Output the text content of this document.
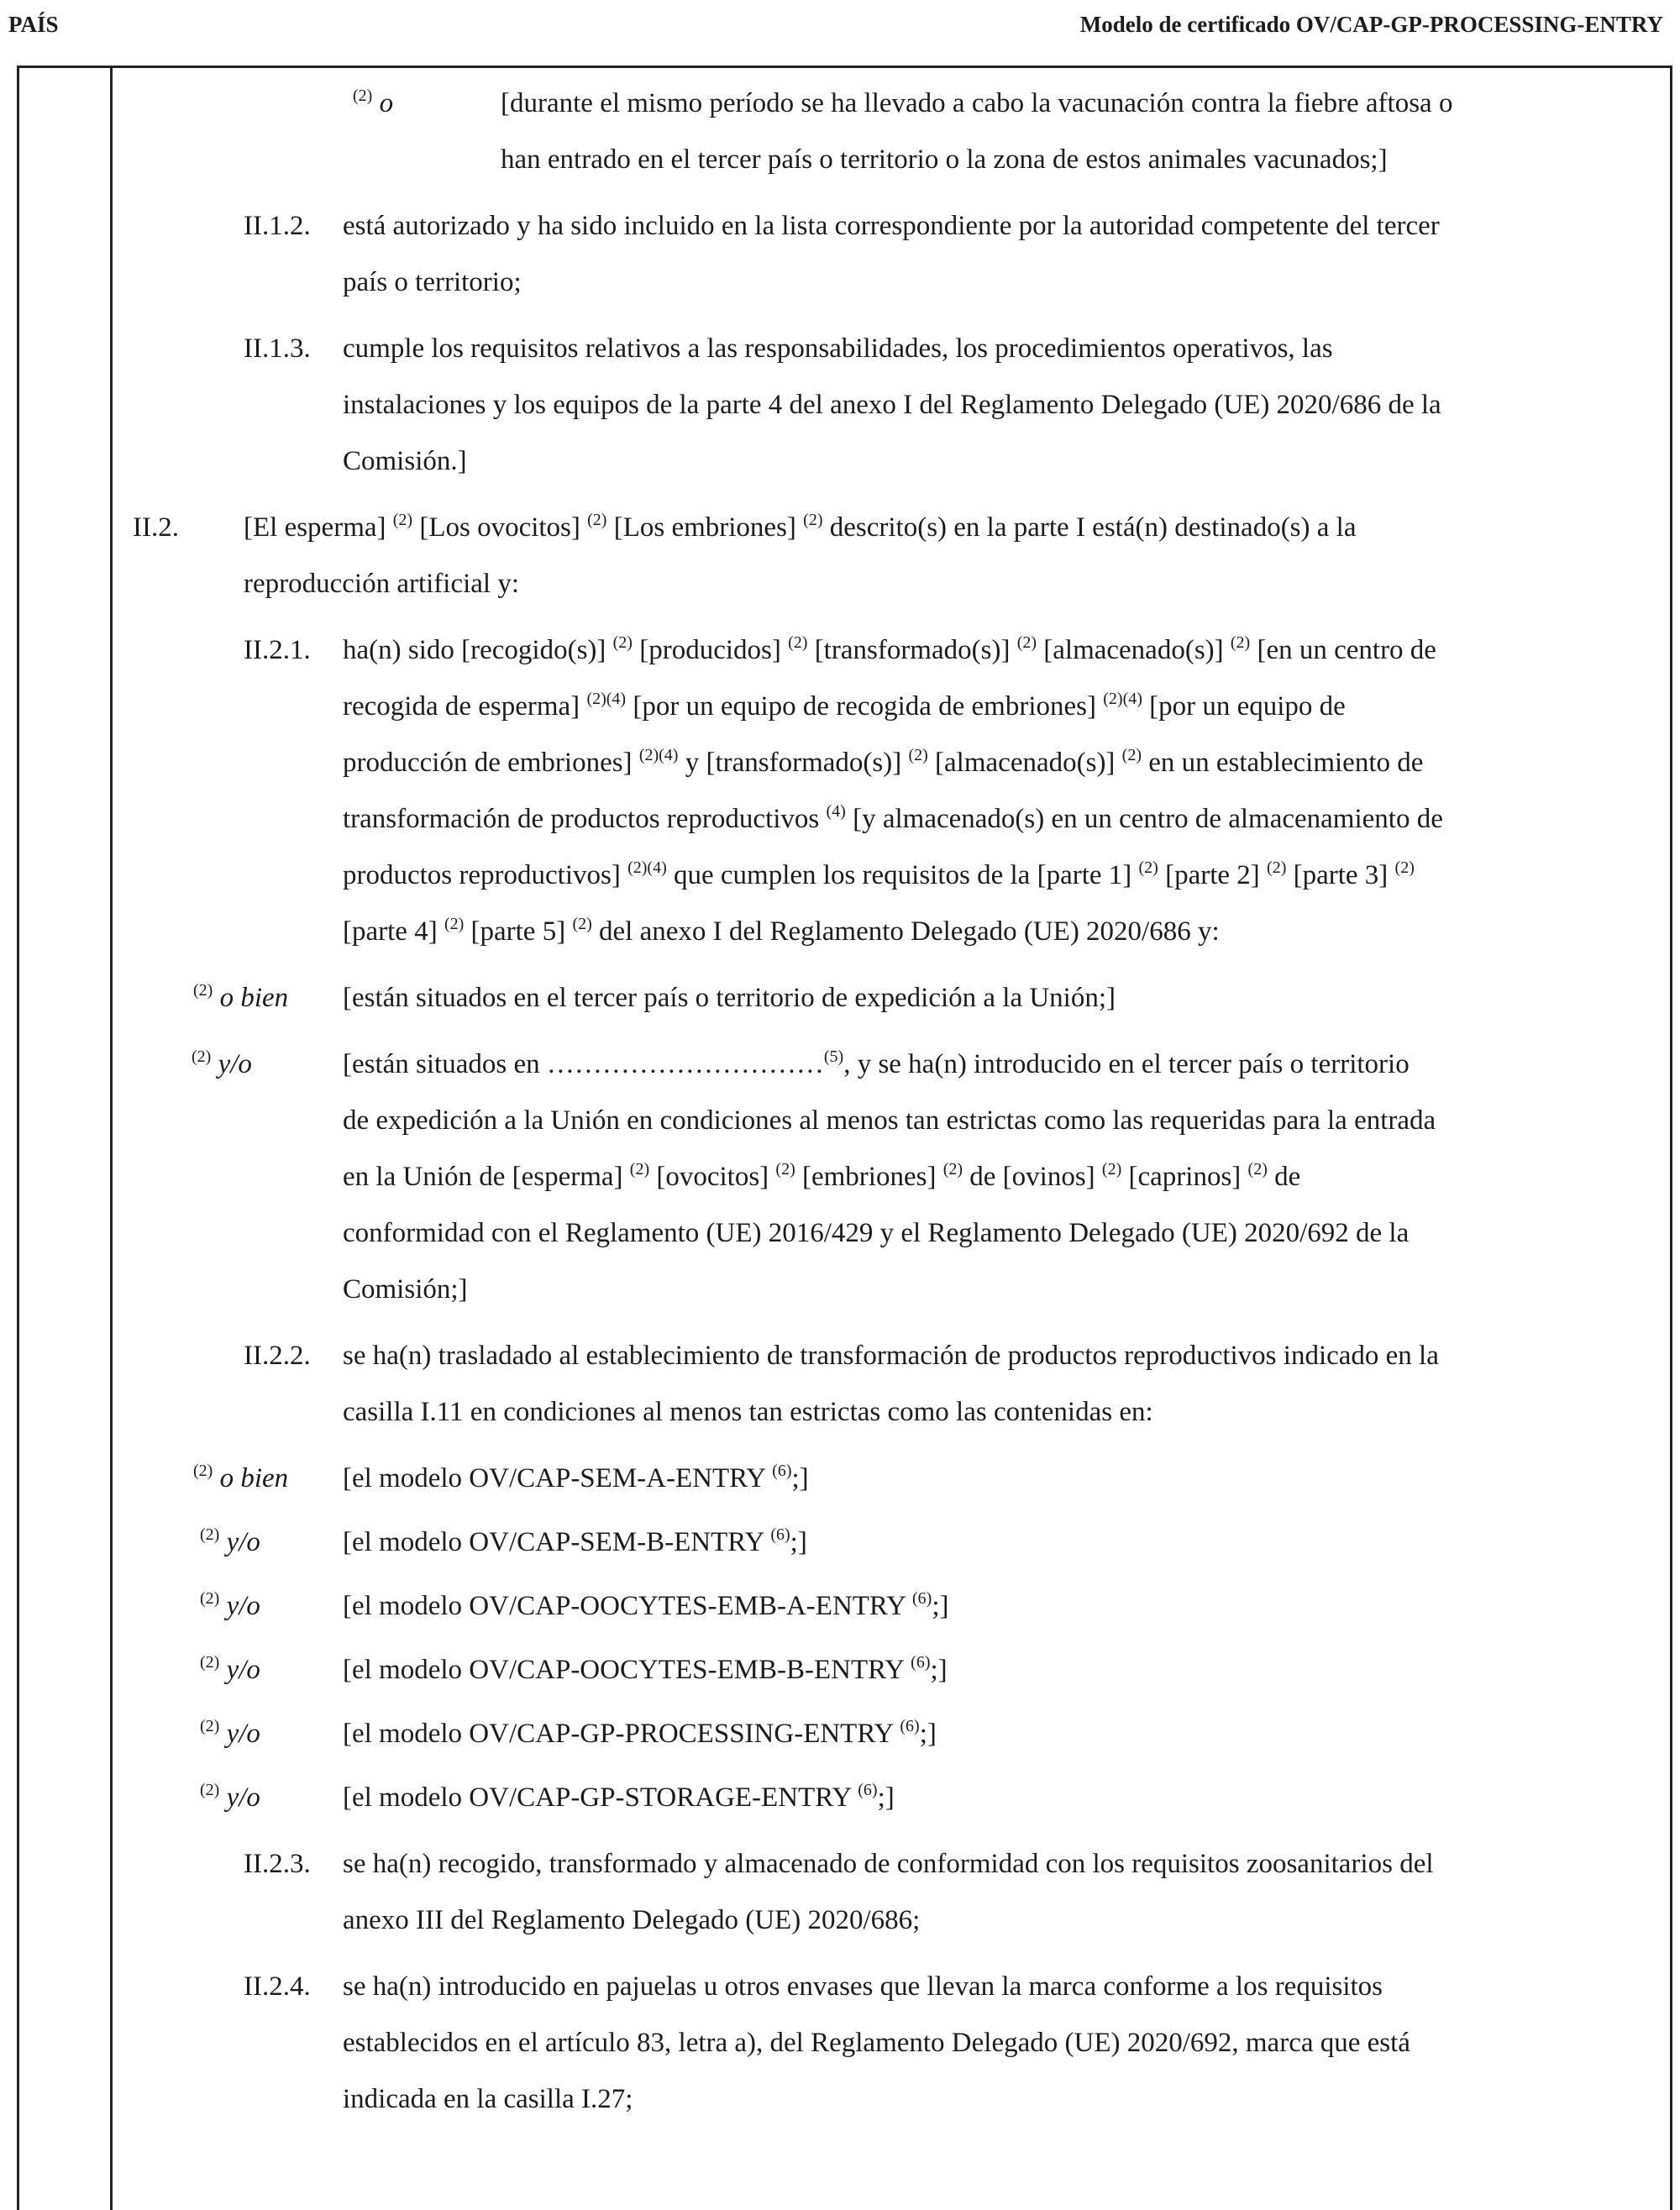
PAÍS	Modelo de certificado OV/CAP-GP-PROCESSING-ENTRY
$^{(2)}$ o	[durante el mismo período se ha llevado a cabo la vacunación contra la fiebre aftosa o
han entrado en el tercer país o territorio o la zona de estos animales vacunados;]
II.1.2. está autorizado y ha sido incluido en la lista correspondiente por la autoridad competente del tercer
país o territorio;
II.1.3. cumple los requisitos relativos a las responsabilidades, los procedimientos operativos, las
instalaciones y los equipos de la parte 4 del anexo I del Reglamento Delegado (UE) 2020/686 de la
Comisión.]
II.2. [El esperma] $^{(2)}$ [Los ovocitos] $^{(2)}$ [Los embriones] $^{(2)}$ descrito(s) en la parte I está(n) destinado(s) a la
reproducción artificial y:
II.2.1. ha(n) sido [recogido(s)] $^{(2)}$ [producidos] $^{(2)}$ [transformado(s)] $^{(2)}$ [almacenado(s)] $^{(2)}$ [en un centro de
recogida de esperma] $^{(2)(4)}$ [por un equipo de recogida de embriones] $^{(2)(4)}$ [por un equipo de
producción de embriones] $^{(2)(4)}$ y [transformado(s)] $^{(2)}$ [almacenado(s)] $^{(2)}$ en un establecimiento de
transformación de productos reproductivos $^{(4)}$ [y almacenado(s) en un centro de almacenamiento de
productos reproductivos] $^{(2)(4)}$ que cumplen los requisitos de la [parte 1] $^{(2)}$ [parte 2] $^{(2)}$ [parte 3] $^{(2)}$
[parte 4] $^{(2)}$ [parte 5] $^{(2)}$ del anexo I del Reglamento Delegado (UE) 2020/686 y:
$^{(2)}$ o bien [están situados en el tercer país o territorio de expedición a la Unión;]
$^{(2)}$ y/o	[están situados en …………………………$^{(5)}$, y se ha(n) introducido en el tercer país o territorio
de expedición a la Unión en condiciones al menos tan estrictas como las requeridas para la entrada
en la Unión de [esperma] $^{(2)}$ [ovocitos] $^{(2)}$ [embriones] $^{(2)}$ de [ovinos] $^{(2)}$ [caprinos] $^{(2)}$ de
conformidad con el Reglamento (UE) 2016/429 y el Reglamento Delegado (UE) 2020/692 de la
Comisión;]
II.2.2. se ha(n) trasladado al establecimiento de transformación de productos reproductivos indicado en la
casilla I.11 en condiciones al menos tan estrictas como las contenidas en:
$^{(2)}$ o bien [el modelo OV/CAP-SEM-A-ENTRY $^{(6)}$;]
$^{(2)}$ y/o	[el modelo OV/CAP-SEM-B-ENTRY $^{(6)}$;]
$^{(2)}$ y/o	[el modelo OV/CAP-OOCYTES-EMB-A-ENTRY $^{(6)}$;]
$^{(2)}$ y/o	[el modelo OV/CAP-OOCYTES-EMB-B-ENTRY $^{(6)}$;]
$^{(2)}$ y/o	[el modelo OV/CAP-GP-PROCESSING-ENTRY $^{(6)}$;]
$^{(2)}$ y/o	[el modelo OV/CAP-GP-STORAGE-ENTRY $^{(6)}$;]
II.2.3. se ha(n) recogido, transformado y almacenado de conformidad con los requisitos zoosanitarios del
anexo III del Reglamento Delegado (UE) 2020/686;
II.2.4. se ha(n) introducido en pajuelas u otros envases que llevan la marca conforme a los requisitos
establecidos en el artículo 83, letra a), del Reglamento Delegado (UE) 2020/692, marca que está
indicada en la casilla I.27;
